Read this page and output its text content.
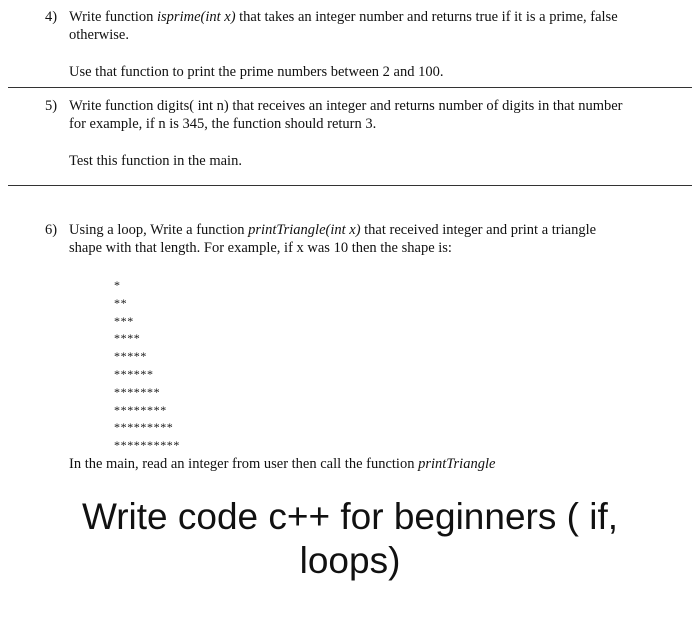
4) Write function isprime(int x) that takes an integer number and returns true if it is a prime, false

otherwise.

Use that function to print the prime numbers between 2 and 100.

5) Write function digits( int n) that receives an integer and returns number of digits in that number

for example, if n is 345, the function should return 3.

Test this function in the main.

6) Using a loop, Write a function printTriangle(int x) that received integer and print a triangle

shape with that length. For example, if x was 10 then the shape is:

*
**
***
****
*****
******
*******
********
*********
**********

In the main, read an integer from user then call the function printTriangle

Write code c++ for beginners ( if,
loops)
